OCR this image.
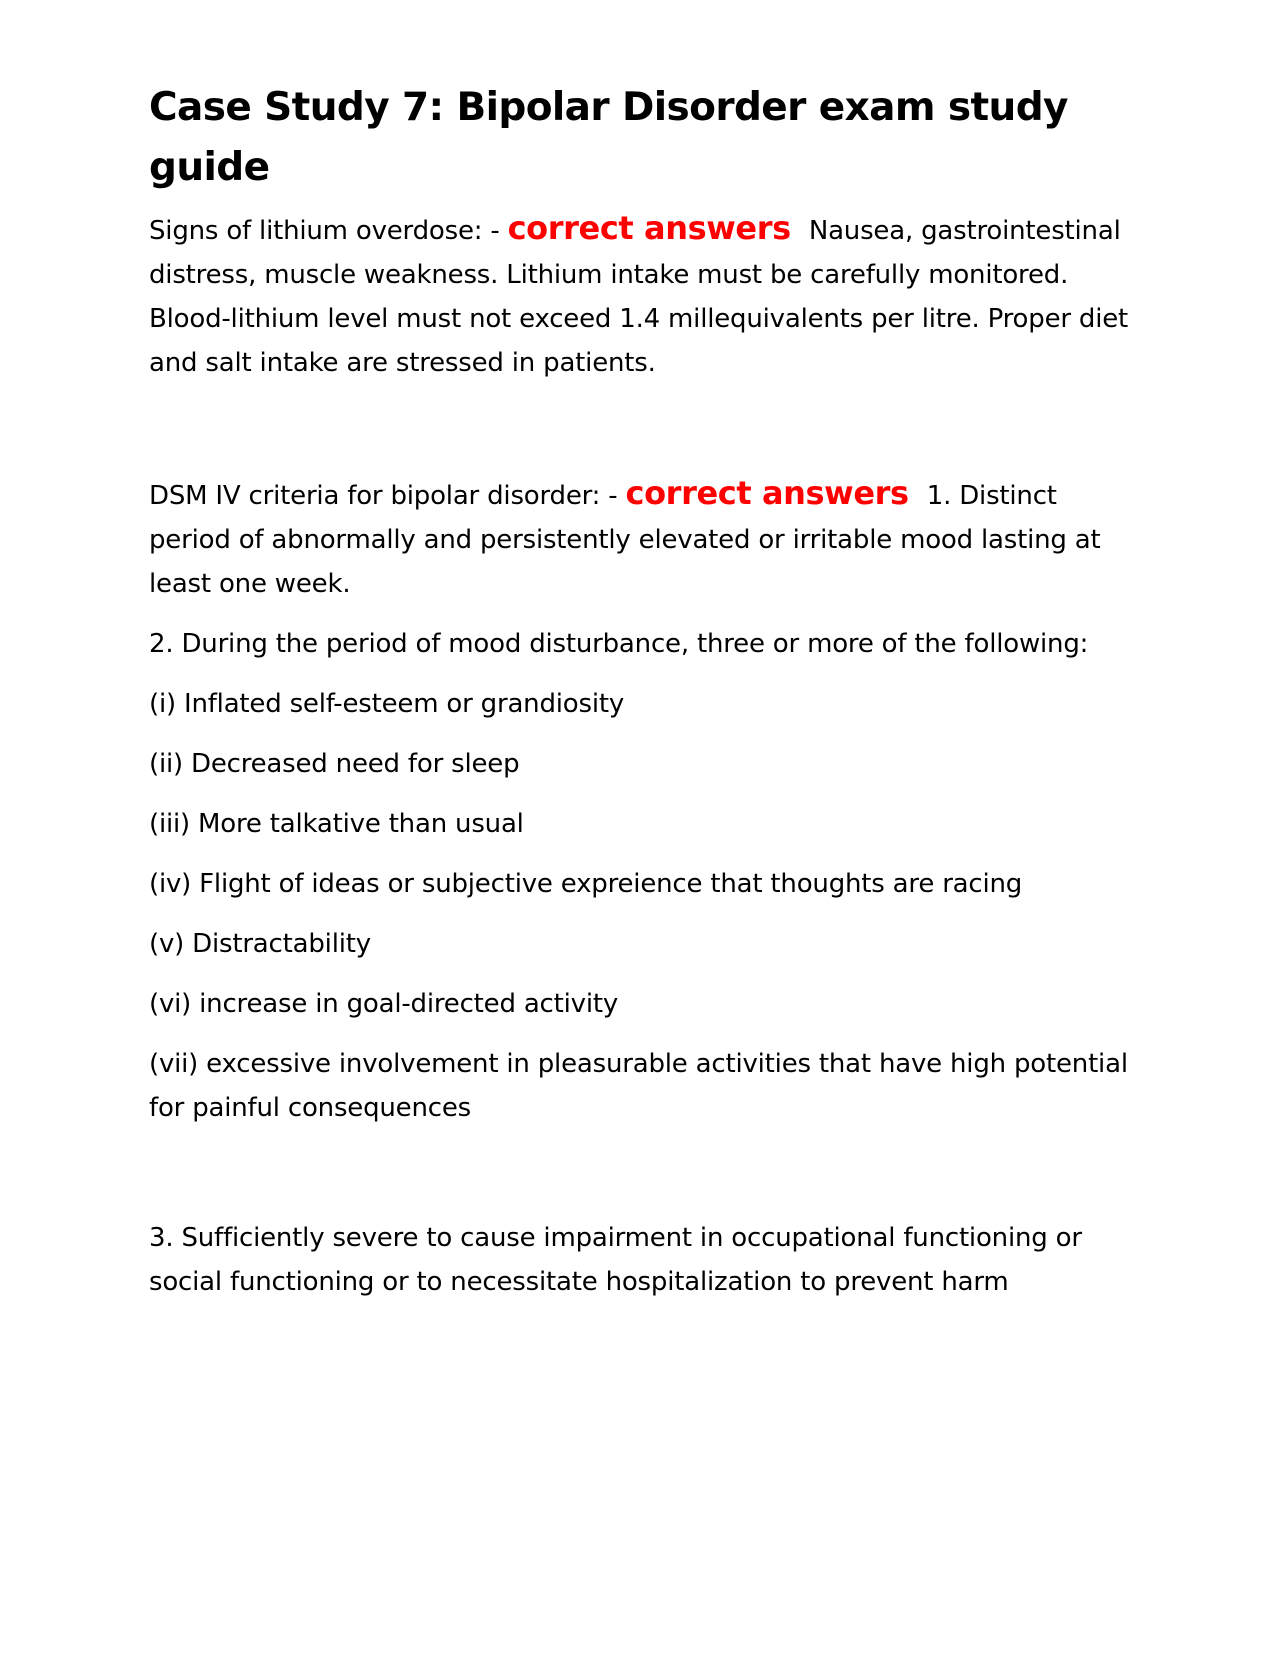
Case Study 7: Bipolar Disorder exam study guide

Signs of lithium overdose: - correct answers Nausea, gastrointestinal distress, muscle weakness. Lithium intake must be carefully monitored. Blood-lithium level must not exceed 1.4 millequivalents per litre. Proper diet and salt intake are stressed in patients.

DSM IV criteria for bipolar disorder: - correct answers 1. Distinct period of abnormally and persistently elevated or irritable mood lasting at least one week.

2. During the period of mood disturbance, three or more of the following:

(i) Inflated self-esteem or grandiosity

(ii) Decreased need for sleep

(iii) More talkative than usual

(iv) Flight of ideas or subjective expreience that thoughts are racing

(v) Distractability

(vi) increase in goal-directed activity

(vii) excessive involvement in pleasurable activities that have high potential for painful consequences

3. Sufficiently severe to cause impairment in occupational functioning or social functioning or to necessitate hospitalization to prevent harm
